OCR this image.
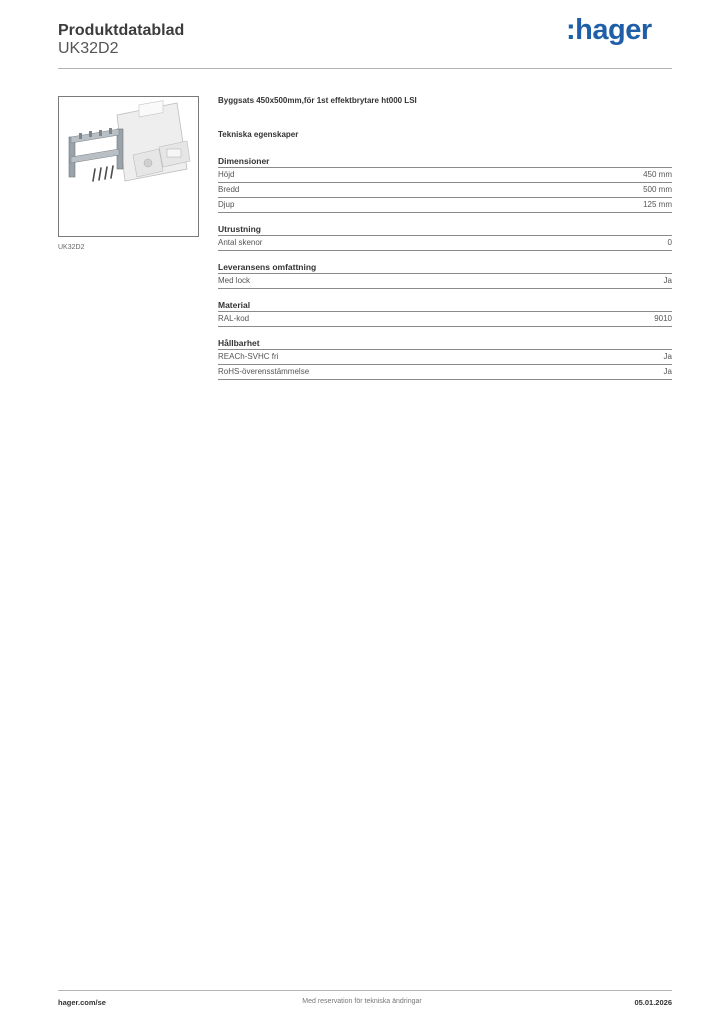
Produktdatablad
UK32D2
:hager
UK32D2
Byggsats 450x500mm,för 1st effektbrytare ht000 LSI
Tekniska egenskaper
Dimensioner
Höjd	450 mm
Bredd	500 mm
Djup	125 mm
Utrustning
Antal skenor	0
Leveransens omfattning
Med lock	Ja
Material
RAL-kod	9010
Hållbarhet
REACh-SVHC fri	Ja
RoHS-överensstämmelse	Ja
hager.com/se	Med reservation för tekniska ändringar	05.01.2026
